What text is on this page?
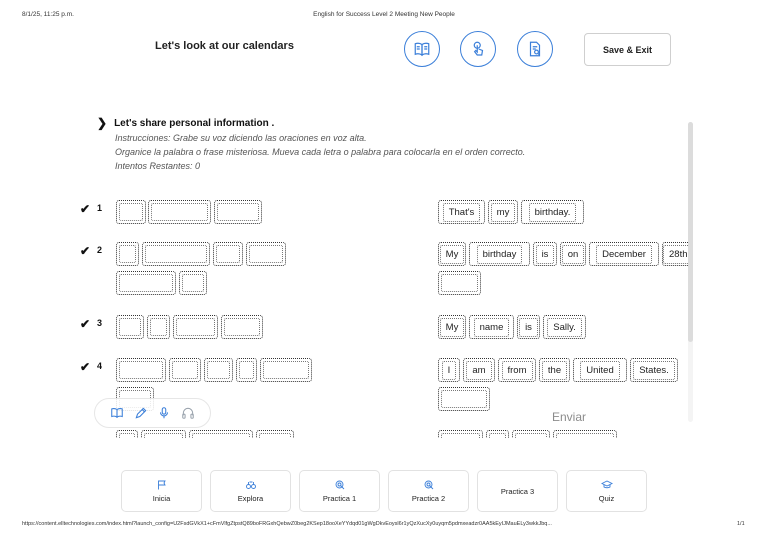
8/1/25, 11:25 p.m.	English for Success Level 2 Meeting New People
Let's look at our calendars	Save & Exit
❯ Let's share personal information .
Instrucciones: Grabe su voz diciendo las oraciones en voz alta.
Organice la palabra o frase misteriosa. Mueva cada letra o palabra para colocarla en el orden correcto.
Intentos Restantes: 0
✔ 1	That's	my	birthday.
✔ 2	My	birthday	is	on	December	28th
✔ 3	My	name	is	Sally.
✔ 4	I	am	from	the	United	States.
Enviar
Inicia	Explora	Practica 1	Practica 2
Practica 3
Quiz
https://content.elltechnologies.com/index.html?launch_config=U2FsdGVkX1+cFmVlfgZtpstQ89boFRGxhQebwZ0beg2KSep18ooXeYYdqd01gWgDkvEoysl6r1yQzXucXy0uyqm5pdmxeadzr0AA5kEyIJMauELy3wkkJbq...	1/1
